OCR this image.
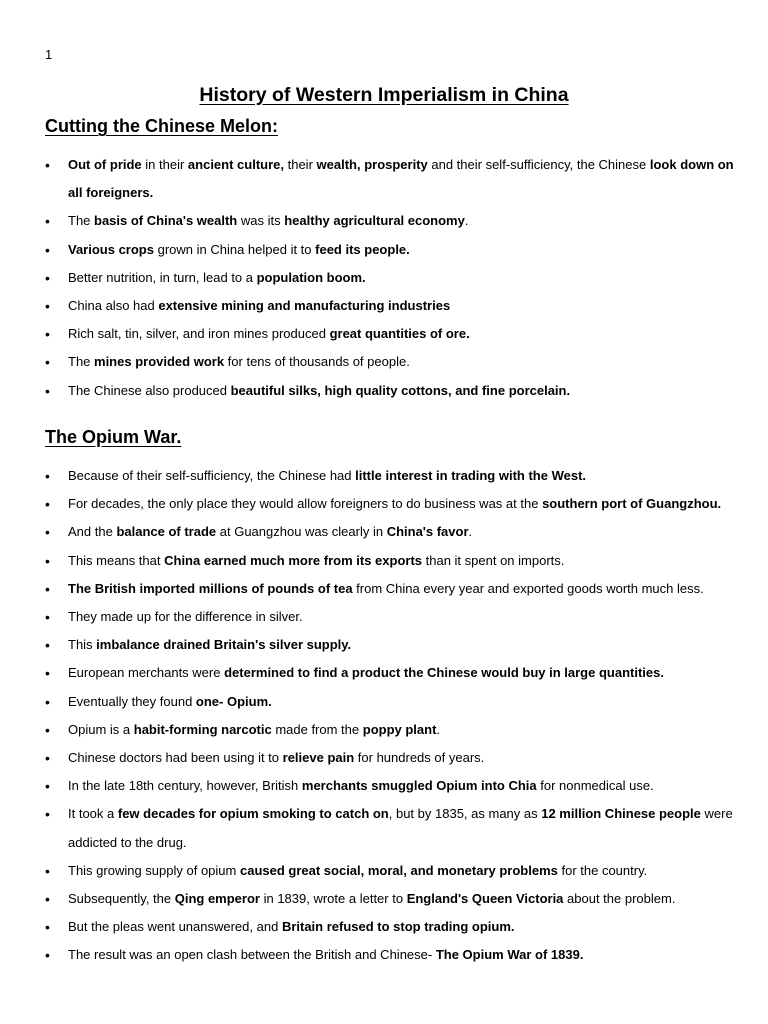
1
History of Western Imperialism in China
Cutting the Chinese Melon:
• Out of pride in their ancient culture, their wealth, prosperity and their self-sufficiency, the Chinese look down on all foreigners.
• The basis of China's wealth was its healthy agricultural economy.
• Various crops grown in China helped it to feed its people.
• Better nutrition, in turn, lead to a population boom.
• China also had extensive mining and manufacturing industries
• Rich salt, tin, silver, and iron mines produced great quantities of ore.
• The mines provided work for tens of thousands of people.
• The Chinese also produced beautiful silks, high quality cottons, and fine porcelain.
The Opium War.
• Because of their self-sufficiency, the Chinese had little interest in trading with the West.
• For decades, the only place they would allow foreigners to do business was at the southern port of Guangzhou.
• And the balance of trade at Guangzhou was clearly in China's favor.
• This means that China earned much more from its exports than it spent on imports.
• The British imported millions of pounds of tea from China every year and exported goods worth much less.
• They made up for the difference in silver.
• This imbalance drained Britain's silver supply.
• European merchants were determined to find a product the Chinese would buy in large quantities.
• Eventually they found one- Opium.
• Opium is a habit-forming narcotic made from the poppy plant.
• Chinese doctors had been using it to relieve pain for hundreds of years.
• In the late 18th century, however, British merchants smuggled Opium into Chia for nonmedical use.
• It took a few decades for opium smoking to catch on, but by 1835, as many as 12 million Chinese people were addicted to the drug.
• This growing supply of opium caused great social, moral, and monetary problems for the country.
• Subsequently, the Qing emperor in 1839, wrote a letter to England's Queen Victoria about the problem.
• But the pleas went unanswered, and Britain refused to stop trading opium.
• The result was an open clash between the British and Chinese- The Opium War of 1839.
